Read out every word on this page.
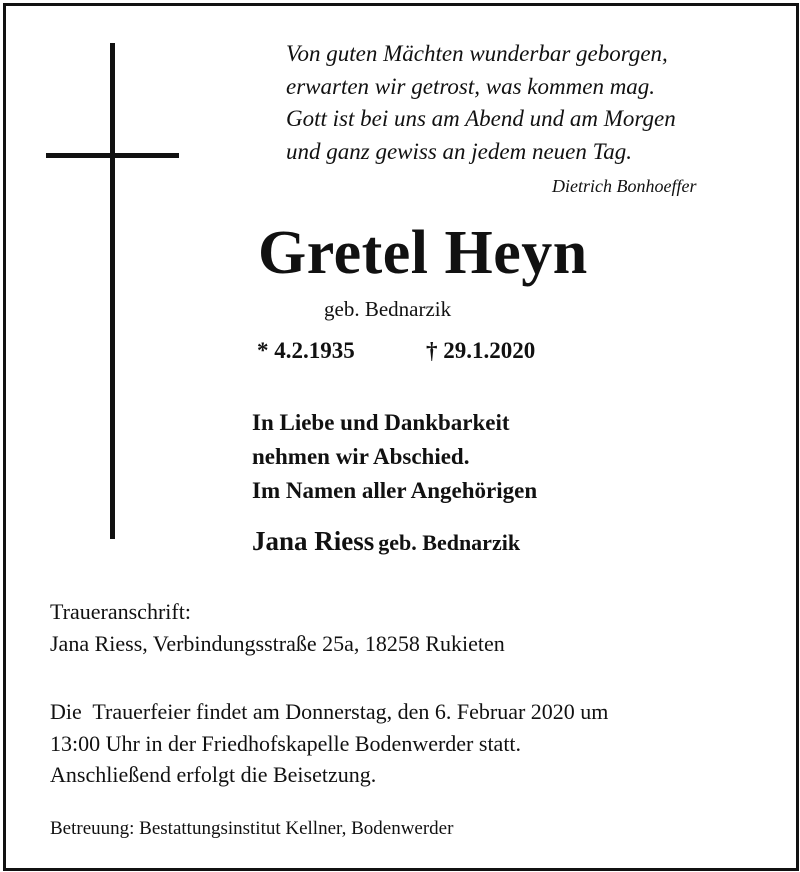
Von guten Mächten wunderbar geborgen,
erwarten wir getrost, was kommen mag.
Gott ist bei uns am Abend und am Morgen
und ganz gewiss an jedem neuen Tag.
Dietrich Bonhoeffer
Gretel Heyn
geb. Bednarzik
* 4.2.1935	† 29.1.2020
In Liebe und Dankbarkeit
nehmen wir Abschied.
Im Namen aller Angehörigen
Jana Riess geb. Bednarzik
Traueranschrift:
Jana Riess, Verbindungsstraße 25a, 18258 Rukieten
Die  Trauerfeier findet am Donnerstag, den 6. Februar 2020 um
13:00 Uhr in der Friedhofskapelle Bodenwerder statt.
Anschließend erfolgt die Beisetzung.
Betreuung: Bestattungsinstitut Kellner, Bodenwerder
